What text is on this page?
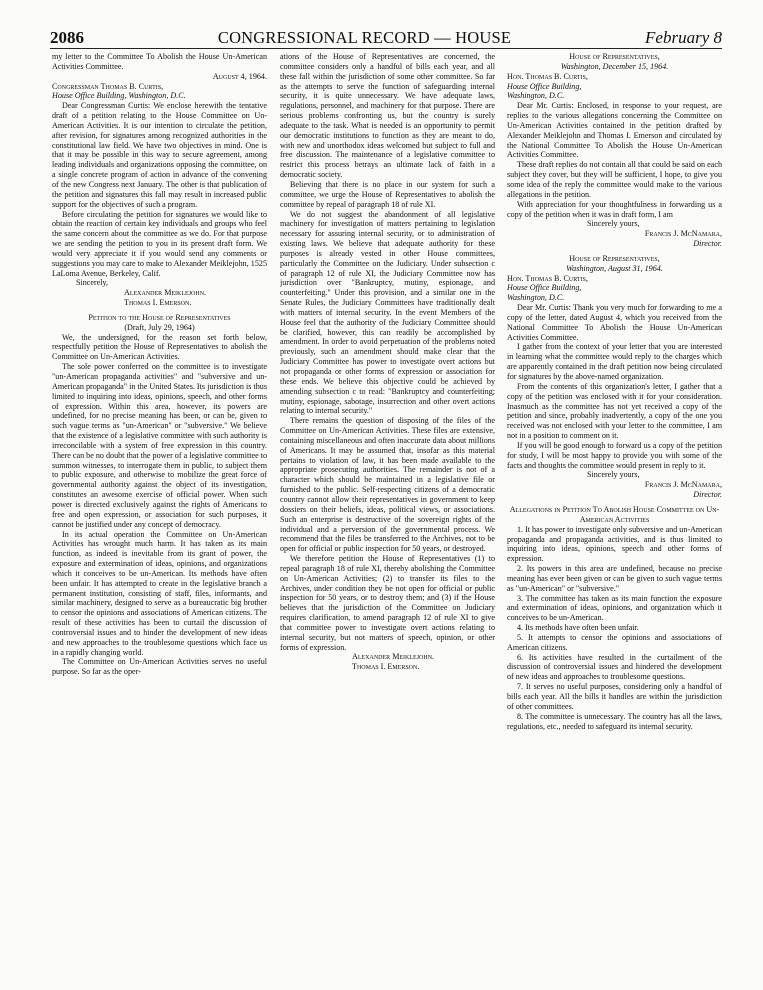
2086	CONGRESSIONAL RECORD — HOUSE	February 8

my letter to the Committee To Abolish the House Un-American Activities Committee.

August 4, 1964.

Congressman Thomas B. Curtis,

House Office Building, Washington, D.C.

Dear Congressman Curtis: We enclose herewith the tentative draft of a petition relating to the House Committee on Un-American Activities. It is our intention to circulate the petition, after revision, for signatures among recognized authorities in the constitutional law field. We have two objectives in mind. One is that it may be possible in this way to secure agreement, among leading individuals and organizations opposing the committee, on a single concrete program of action in advance of the convening of the new Congress next January. The other is that publication of the petition and signatures this fall may result in increased public support for the objectives of such a program.

Before circulating the petition for signatures we would like to obtain the reaction of certain key individuals and groups who feel the same concern about the committee as we do. For that purpose we are sending the petition to you in its present draft form. We would very appreciate it if you would send any comments or suggestions you may care to make to Alexander Meiklejohn, 1525 LaLoma Avenue, Berkeley, Calif.

Sincerely,

Alexander Meiklejohn.

Thomas I. Emerson.

Petition to the House of Representatives

(Draft, July 29, 1964)

We, the undersigned, for the reason set forth below, respectfully petition the House of Representatives to abolish the Committee on Un-American Activities.

The sole power conferred on the committee is to investigate "un-American propaganda activities" and "subversive and un-American propaganda" in the United States. Its jurisdiction is thus limited to inquiring into ideas, opinions, speech, and other forms of expression. Within this area, however, its powers are undefined, for no precise meaning has been, or can be, given to such vague terms as "un-American" or "subversive." We believe that the existence of a legislative committee with such authority is irreconcilable with a system of free expression in this country. There can be no doubt that the power of a legislative committee to summon witnesses, to interrogate them in public, to subject them to public exposure, and otherwise to mobilize the great force of governmental authority against the object of its investigation, constitutes an awesome exercise of official power. When such power is directed exclusively against the rights of Americans to free and open expression, or association for such purposes, it cannot be justified under any concept of democracy.

In its actual operation the Committee on Un-American Activities has wrought much harm. It has taken as its main function, as indeed is inevitable from its grant of power, the exposure and extermination of ideas, opinions, and organizations which it conceives to be un-American. Its methods have often been unfair. It has attempted to create in the legislative branch a permanent institution, consisting of staff, files, informants, and similar machinery, designed to serve as a bureaucratic big brother to censor the opinions and associations of American citizens. The result of these activities has been to curtail the discussion of controversial issues and to hinder the development of new ideas and new approaches to the troublesome questions which face us in a rapidly changing world.

The Committee on Un-American Activities serves no useful purpose. So far as the oper-

ations of the House of Representatives are concerned, the committee considers only a handful of bills each year, and all these fall within the jurisdiction of some other committee. So far as the attempts to serve the function of safeguarding internal security, it is quite unnecessary. We have adequate laws, regulations, personnel, and machinery for that purpose. There are serious problems confronting us, but the country is surely adequate to the task. What is needed is an opportunity to permit our democratic institutions to function as they are meant to do, with new and unorthodox ideas welcomed but subject to full and free discussion. The maintenance of a legislative committee to restrict this process betrays an ultimate lack of faith in a democratic society.

Believing that there is no place in our system for such a committee, we urge the House of Representatives to abolish the committee by repeal of paragraph 18 of rule XI.

We do not suggest the abandonment of all legislative machinery for investigation of matters pertaining to legislation necessary for assuring internal security, or to administration of existing laws. We believe that adequate authority for these purposes is already vested in other House committees, particularly the Committee on the Judiciary. Under subsection c of paragraph 12 of rule XI, the Judiciary Committee now has jurisdiction over "Bankruptcy, mutiny, espionage, and counterfeiting." Under this provision, and a similar one in the Senate Rules, the Judiciary Committees have traditionally dealt with matters of internal security. In the event Members of the House feel that the authority of the Judiciary Committee should be clarified, however, this can readily be accomplished by amendment. In order to avoid perpetuation of the problems noted previously, such an amendment should make clear that the Judiciary Committee has power to investigate overt actions but not propaganda or other forms of expression or association for these ends. We believe this objective could be achieved by amending subsection c to read: "Bankruptcy and counterfeiting; mutiny, espionage, sabotage, insurrection and other overt actions relating to internal security."

There remains the question of disposing of the files of the Committee on Un-American Activities. These files are extensive, containing miscellaneous and often inaccurate data about millions of Americans. It may be assumed that, insofar as this material pertains to violation of law, it has been made available to the appropriate prosecuting authorities. The remainder is not of a character which should be maintained in a legislative file or furnished to the public. Self-respecting citizens of a democratic country cannot allow their representatives in government to keep dossiers on their beliefs, ideas, political views, or associations. Such an enterprise is destructive of the sovereign rights of the individual and a perversion of the governmental process. We recommend that the files be transferred to the Archives, not to be open for official or public inspection for 50 years, or destroyed.

We therefore petition the House of Representatives (1) to repeal paragraph 18 of rule XI, thereby abolishing the Committee on Un-American Activities; (2) to transfer its files to the Archives, under condition they be not open for official or public inspection for 50 years, or to destroy them; and (3) if the House believes that the jurisdiction of the Committee on Judiciary requires clarification, to amend paragraph 12 of rule XI to give that committee power to investigate overt actions relating to internal security, but not matters of speech, opinion, or other forms of expression.

Alexander Meiklejohn.

Thomas I. Emerson.

House of Representatives,

Washington, December 15, 1964.

Hon. Thomas B. Curtis,

House Office Building,

Washington, D.C.

Dear Mr. Curtis: Enclosed, in response to your request, are replies to the various allegations concerning the Committee on Un-American Activities contained in the petition drafted by Alexander Meiklejohn and Thomas I. Emerson and circulated by the National Committee To Abolish the House Un-American Activities Committee.

These draft replies do not contain all that could be said on each subject they cover, but they will be sufficient, I hope, to give you some idea of the reply the committee would make to the various allegations in the petition.

With appreciation for your thoughtfulness in forwarding us a copy of the petition when it was in draft form, I am

Sincerely yours,

Francis J. McNamara,

Director.

House of Representatives,

Washington, August 31, 1964.

Hon. Thomas B. Curtis,

House Office Building,

Washington, D.C.

Dear Mr. Curtis: Thank you very much for forwarding to me a copy of the letter, dated August 4, which you received from the National Committee To Abolish the House Un-American Activities Committee.

I gather from the context of your letter that you are interested in learning what the committee would reply to the charges which are apparently contained in the draft petition now being circulated for signatures by the above-named organization.

From the contents of this organization's letter, I gather that a copy of the petition was enclosed with it for your consideration. Inasmuch as the committee has not yet received a copy of the petition and since, probably inadvertently, a copy of the one you received was not enclosed with your letter to the committee, I am not in a position to comment on it.

If you will be good enough to forward us a copy of the petition for study, I will be most happy to provide you with some of the facts and thoughts the committee would present in reply to it.

Sincerely yours,

Francis J. McNamara,

Director.

Allegations in Petition To Abolish House Committee on Un-American Activities

1. It has power to investigate only subversive and un-American propaganda and propaganda activities, and is thus limited to inquiring into ideas, opinions, speech and other forms of expression.

2. Its powers in this area are undefined, because no precise meaning has ever been given or can be given to such vague terms as "un-American" or "subversive."

3. The committee has taken as its main function the exposure and extermination of ideas, opinions, and organization which it conceives to be un-American.

4. Its methods have often been unfair.

5. It attempts to censor the opinions and associations of American citizens.

6. Its activities have resulted in the curtailment of the discussion of controversial issues and hindered the development of new ideas and approaches to troublesome questions.

7. It serves no useful purposes, considering only a handful of bills each year. All the bills it handles are within the jurisdiction of other committees.

8. The committee is unnecessary. The country has all the laws, regulations, etc., needed to safeguard its internal security.
